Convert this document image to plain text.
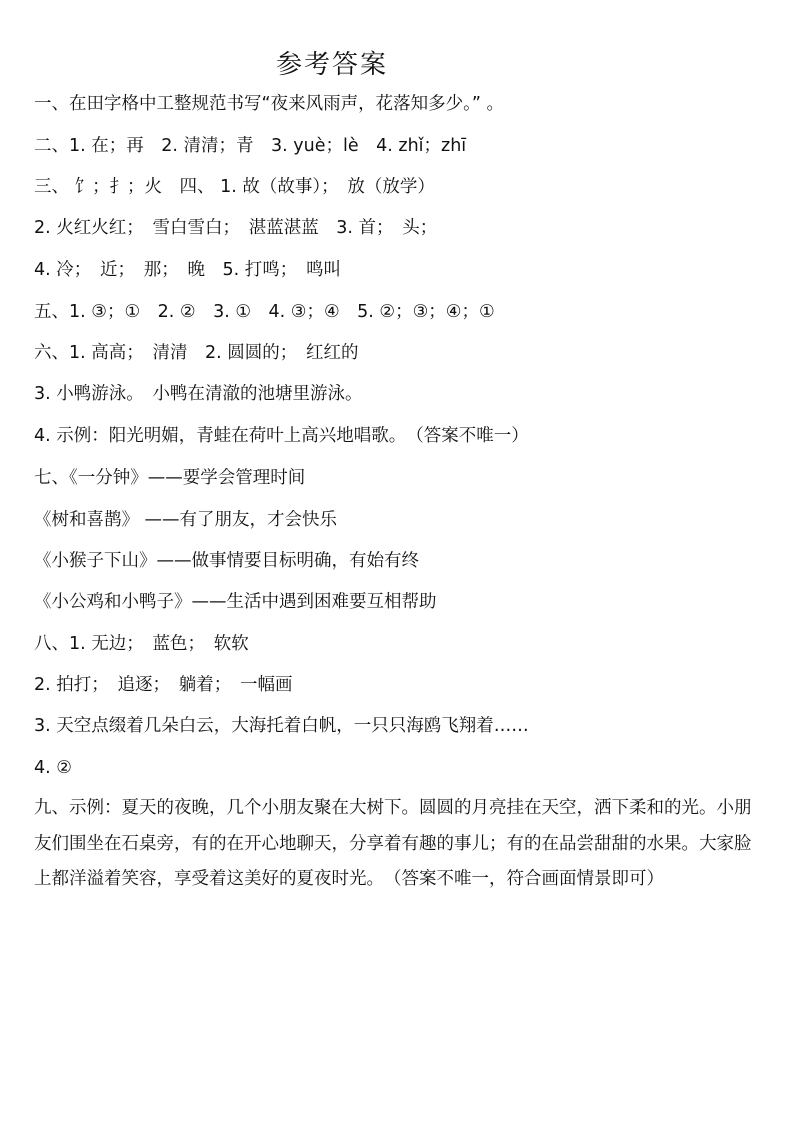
参考答案
一、在田字格中工整规范书写“夜来风雨声，花落知多少。” 。
二、1. 在；再　2. 清清；青　3. yuè；lè　4. zhǐ；zhī
三、 饣；扌；火　四、 1. 故（故事）；　放（放学）
2. 火红火红；　雪白雪白；　湛蓝湛蓝　3. 首；　头；
4. 冷；　近；　那；　晚　5. 打鸣；　鸣叫
五、1. ③；①　2. ②　3. ①　4. ③；④　5. ②；③；④；①
六、1. 高高；　清清　2. 圆圆的；　红红的
3. 小鸭游泳。　小鸭在清澈的池塘里游泳。
4. 示例：阳光明媚，青蛙在荷叶上高兴地唱歌。　（答案不唯一）
七、《一分钟》——要学会管理时间
《树和喜鹊》 ——有了朋友，才会快乐
《小猴子下山》——做事情要目标明确，有始有终
《小公鸡和小鸭子》——生活中遇到困难要互相帮助
八、1. 无边；　蓝色；　软软
2. 拍打；　追逐；　躺着；　一幅画
3. 天空点缀着几朵白云，大海托着白帆，一只只海鸥飞翔着……
4. ②
九、示例：夏天的夜晚，几个小朋友聚在大树下。圆圆的月亮挂在天空，洒下柔和的光。小朋友们围坐在石桌旁，有的在开心地聊天，分享着有趣的事儿；有的在品尝甜甜的水果。大家脸上都洋溢着笑容，享受着这美好的夏夜时光。　（答案不唯一，符合画面情景即可）
